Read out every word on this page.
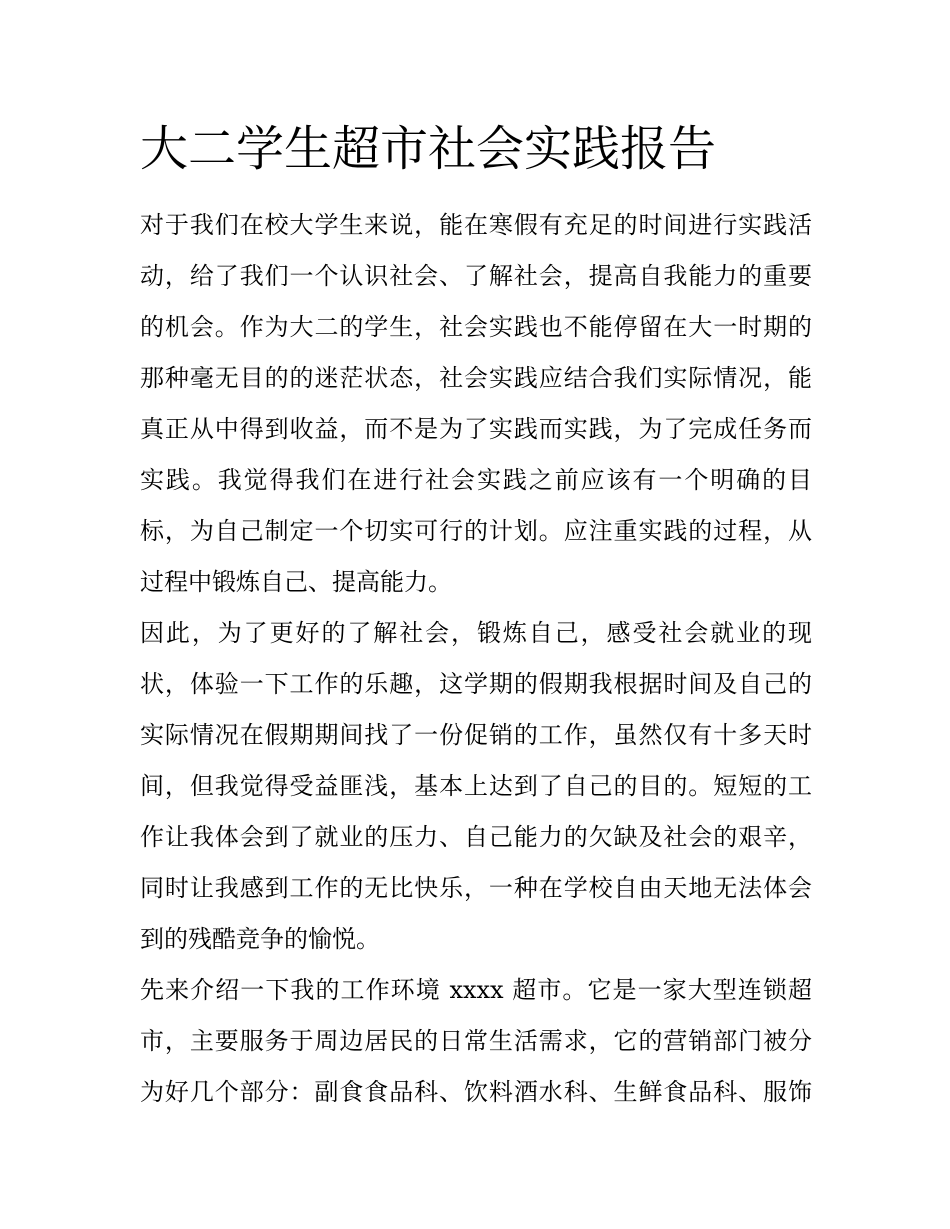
大二学生超市社会实践报告
对于我们在校大学生来说，能在寒假有充足的时间进行实践活
动，给了我们一个认识社会、了解社会，提高自我能力的重要
的机会。作为大二的学生，社会实践也不能停留在大一时期的
那种毫无目的的迷茫状态，社会实践应结合我们实际情况，能
真正从中得到收益，而不是为了实践而实践，为了完成任务而
实践。我觉得我们在进行社会实践之前应该有一个明确的目
标，为自己制定一个切实可行的计划。应注重实践的过程，从
过程中锻炼自己、提高能力。
因此，为了更好的了解社会，锻炼自己，感受社会就业的现
状，体验一下工作的乐趣，这学期的假期我根据时间及自己的
实际情况在假期期间找了一份促销的工作，虽然仅有十多天时
间，但我觉得受益匪浅，基本上达到了自己的目的。短短的工
作让我体会到了就业的压力、自己能力的欠缺及社会的艰辛，
同时让我感到工作的无比快乐，一种在学校自由天地无法体会
到的残酷竞争的愉悦。
先来介绍一下我的工作环境 xxxx 超市。它是一家大型连锁超
市，主要服务于周边居民的日常生活需求，它的营销部门被分
为好几个部分：副食食品科、饮料酒水科、生鲜食品科、服饰
